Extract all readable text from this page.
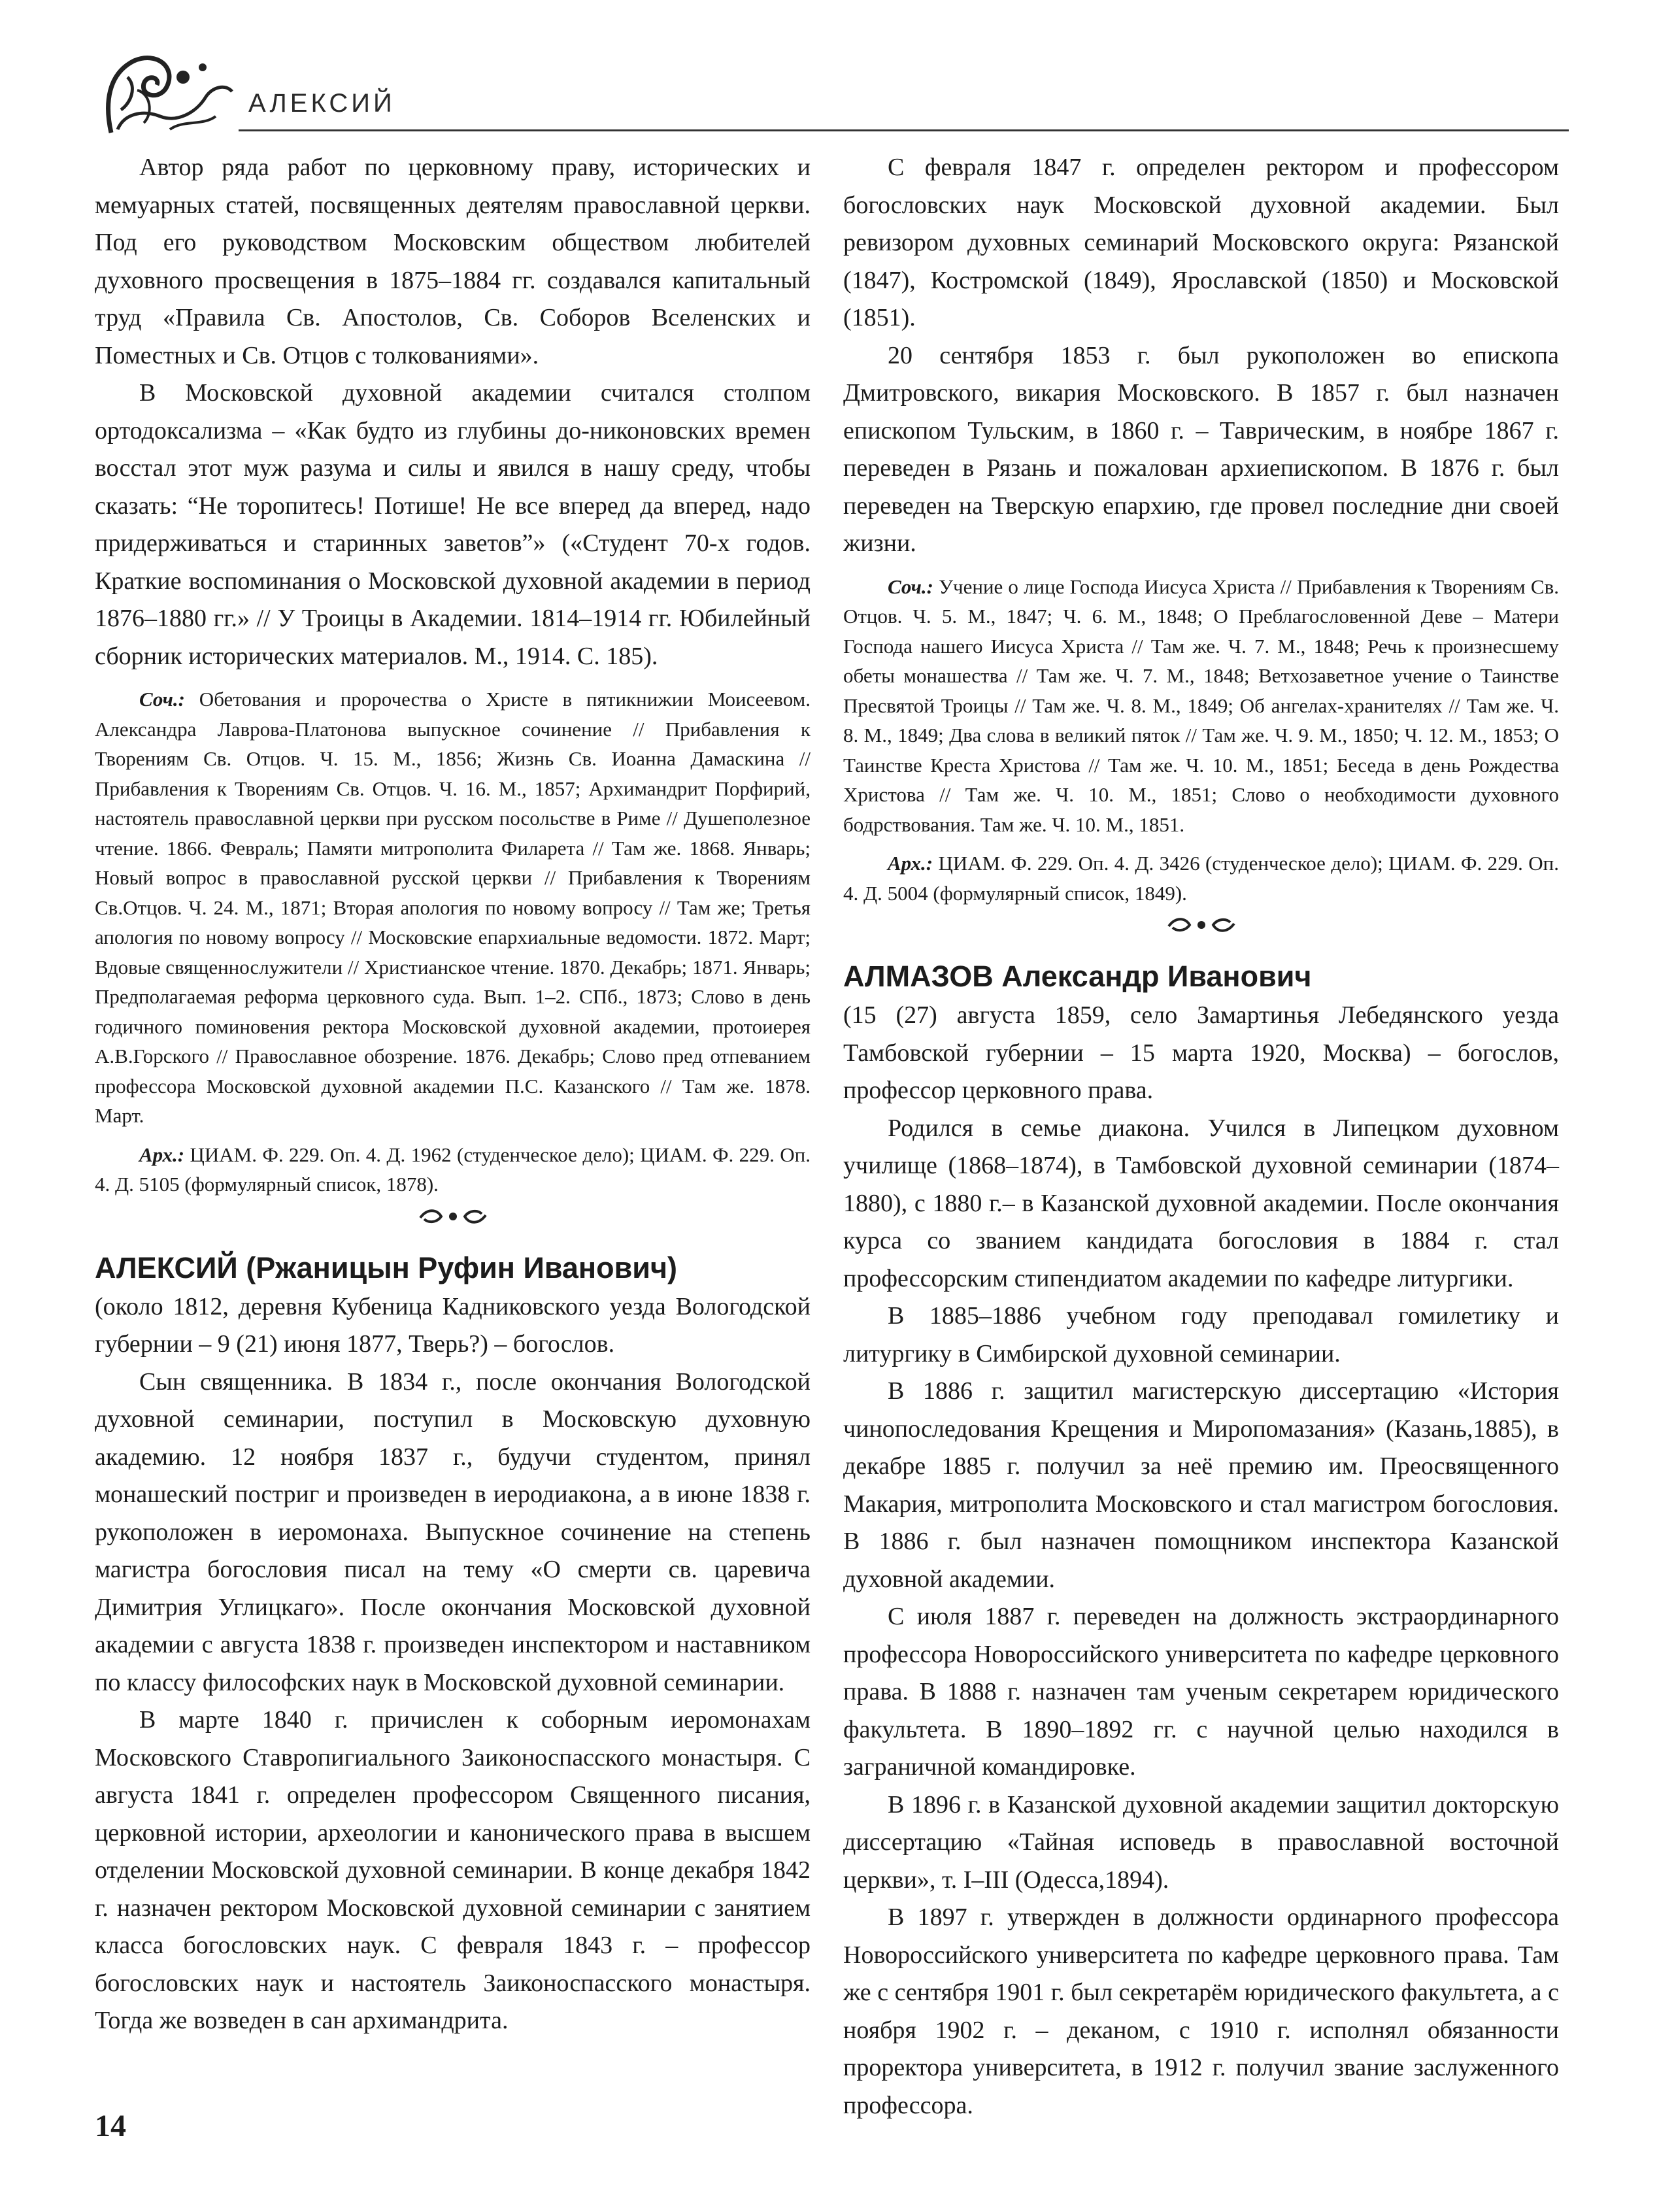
АЛЕКСИЙ

Автор ряда работ по церковному праву, исторических и мемуарных статей, посвященных деятелям православной церкви. Под его руководством Московским обществом любителей духовного просвещения в 1875–1884 гг. создавался капитальный труд «Правила Св. Апостолов, Св. Соборов Вселенских и Поместных и Св. Отцов с толкованиями».

В Московской духовной академии считался столпом ортодоксализма – «Как будто из глубины до-никоновских времен восстал этот муж разума и силы и явился в нашу среду, чтобы сказать: “Не торопитесь! Потише! Не все вперед да вперед, надо придерживаться и старинных заветов”» («Студент 70-х годов. Краткие воспоминания о Московской духовной академии в период 1876–1880 гг.» // У Троицы в Академии. 1814–1914 гг. Юбилейный сборник исторических материалов. М., 1914. С. 185).

Соч.: Обетования и пророчества о Христе в пятикнижии Моисеевом. Александра Лаврова-Платонова выпускное сочинение // Прибавления к Творениям Св. Отцов. Ч. 15. М., 1856; Жизнь Св. Иоанна Дамаскина // Прибавления к Творениям Св. Отцов. Ч. 16. М., 1857; Архимандрит Порфирий, настоятель православной церкви при русском посольстве в Риме // Душеполезное чтение. 1866. Февраль; Памяти митрополита Филарета // Там же. 1868. Январь; Новый вопрос в православной русской церкви // Прибавления к Творениям Св.Отцов. Ч. 24. М., 1871; Вторая апология по новому вопросу // Там же; Третья апология по новому вопросу // Московские епархиальные ведомости. 1872. Март; Вдовые священнослужители // Христианское чтение. 1870. Декабрь; 1871. Январь; Предполагаемая реформа церковного суда. Вып. 1–2. СПб., 1873; Слово в день годичного поминовения ректора Московской духовной академии, протоиерея А.В.Горского // Православное обозрение. 1876. Декабрь; Слово пред отпеванием профессора Московской духовной академии П.С. Казанского // Там же. 1878. Март.

Арх.: ЦИАМ. Ф. 229. Оп. 4. Д. 1962 (студенческое дело); ЦИАМ. Ф. 229. Оп. 4. Д. 5105 (формулярный список, 1878).

АЛЕКСИЙ (Ржаницын Руфин Иванович)

(около 1812, деревня Кубеница Кадниковского уезда Вологодской губернии – 9 (21) июня 1877, Тверь?) – богослов.

Сын священника. В 1834 г., после окончания Вологодской духовной семинарии, поступил в Московскую духовную академию. 12 ноября 1837 г., будучи студентом, принял монашеский постриг и произведен в иеродиакона, а в июне 1838 г. рукоположен в иеромонаха. Выпускное сочинение на степень магистра богословия писал на тему «О смерти св. царевича Димитрия Углицкаго». После окончания Московской духовной академии с августа 1838 г. произведен инспектором и наставником по классу философских наук в Московской духовной семинарии.

В марте 1840 г. причислен к соборным иеромонахам Московского Ставропигиального Заиконоспасского монастыря. С августа 1841 г. определен профессором Священного писания, церковной истории, археологии и канонического права в высшем отделении Московской духовной семинарии. В конце декабря 1842 г. назначен ректором Московской духовной семинарии с занятием класса богословских наук. С февраля 1843 г. – профессор богословских наук и настоятель Заиконоспасского монастыря. Тогда же возведен в сан архимандрита.

С февраля 1847 г. определен ректором и профессором богословских наук Московской духовной академии. Был ревизором духовных семинарий Московского округа: Рязанской (1847), Костромской (1849), Ярославской (1850) и Московской (1851).

20 сентября 1853 г. был рукоположен во епископа Дмитровского, викария Московского. В 1857 г. был назначен епископом Тульским, в 1860 г. – Таврическим, в ноябре 1867 г. переведен в Рязань и пожалован архиепископом. В 1876 г. был переведен на Тверскую епархию, где провел последние дни своей жизни.

Соч.: Учение о лице Господа Иисуса Христа // Прибавления к Творениям Св. Отцов. Ч. 5. М., 1847; Ч. 6. М., 1848; О Преблагословенной Деве – Матери Господа нашего Иисуса Христа // Там же. Ч. 7. М., 1848; Речь к произнесшему обеты монашества // Там же. Ч. 7. М., 1848; Ветхозаветное учение о Таинстве Пресвятой Троицы // Там же. Ч. 8. М., 1849; Об ангелах-хранителях // Там же. Ч. 8. М., 1849; Два слова в великий пяток // Там же. Ч. 9. М., 1850; Ч. 12. М., 1853; О Таинстве Креста Христова // Там же. Ч. 10. М., 1851; Беседа в день Рождества Христова // Там же. Ч. 10. М., 1851; Слово о необходимости духовного бодрствования. Там же. Ч. 10. М., 1851.

Арх.: ЦИАМ. Ф. 229. Оп. 4. Д. 3426 (студенческое дело); ЦИАМ. Ф. 229. Оп. 4. Д. 5004 (формулярный список, 1849).

АЛМАЗОВ Александр Иванович

(15 (27) августа 1859, село Замартинья Лебедянского уезда Тамбовской губернии – 15 марта 1920, Москва) – богослов, профессор церковного права.

Родился в семье диакона. Учился в Липецком духовном училище (1868–1874), в Тамбовской духовной семинарии (1874–1880), с 1880 г.– в Казанской духовной академии. После окончания курса со званием кандидата богословия в 1884 г. стал профессорским стипендиатом академии по кафедре литургики.

В 1885–1886 учебном году преподавал гомилетику и литургику в Симбирской духовной семинарии.

В 1886 г. защитил магистерскую диссертацию «История чинопоследования Крещения и Миропомазания» (Казань,1885), в декабре 1885 г. получил за неё премию им. Преосвященного Макария, митрополита Московского и стал магистром богословия. В 1886 г. был назначен помощником инспектора Казанской духовной академии.

С июля 1887 г. переведен на должность экстраординарного профессора Новороссийского университета по кафедре церковного права. В 1888 г. назначен там ученым секретарем юридического факультета. В 1890–1892 гг. с научной целью находился в заграничной командировке.

В 1896 г. в Казанской духовной академии защитил докторскую диссертацию «Тайная исповедь в православной восточной церкви», т. I–III (Одесса,1894).

В 1897 г. утвержден в должности ординарного профессора Новороссийского университета по кафедре церковного права. Там же с сентября 1901 г. был секретарём юридического факультета, а с ноября 1902 г. – деканом, с 1910 г. исполнял обязанности проректора университета, в 1912 г. получил звание заслуженного профессора.

14
